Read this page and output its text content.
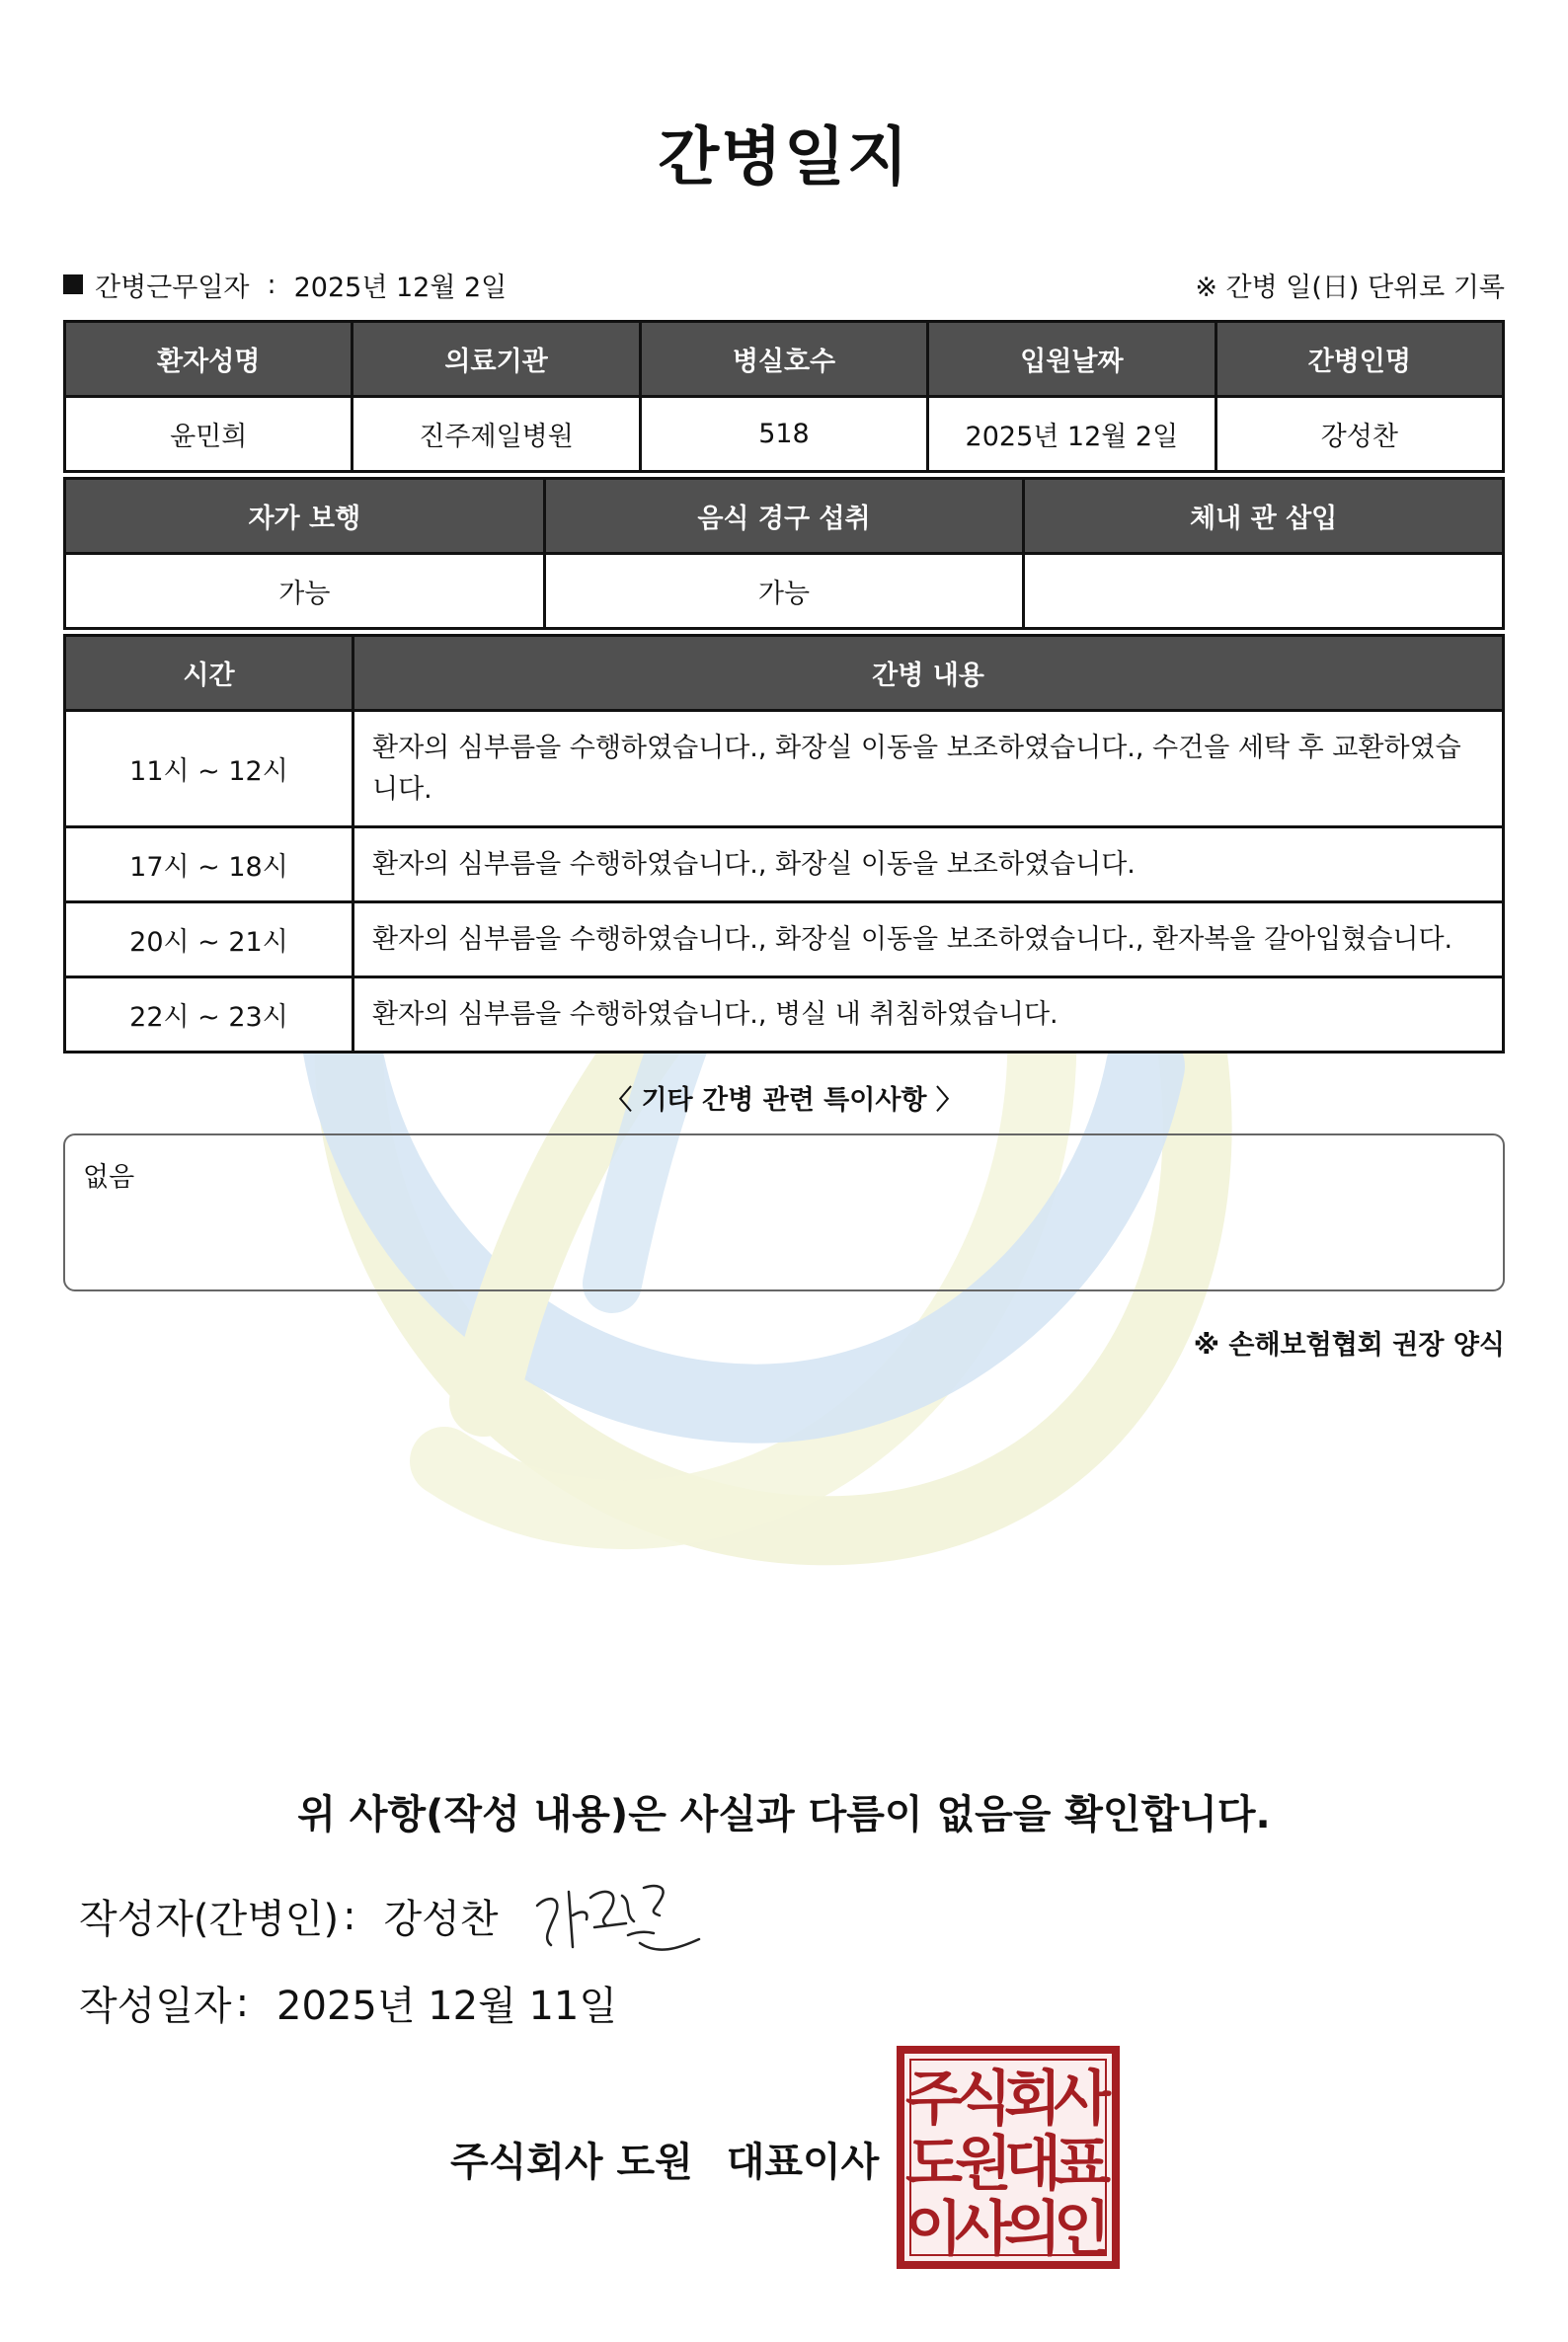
간병일지
간병근무일자 : 2025년 12월 2일	※ 간병 일(日) 단위로 기록
환자성명	의료기관	병실호수	입원날짜	간병인명
윤민희	진주제일병원	518	2025년 12월 2일	강성찬
자가 보행	음식 경구 섭취	체내 관 삽입
가능	가능	
시간	간병 내용
11시 ~ 12시	환자의 심부름을 수행하였습니다., 화장실 이동을 보조하였습니다., 수건을 세탁 후 교환하였습니다.
17시 ~ 18시	환자의 심부름을 수행하였습니다., 화장실 이동을 보조하였습니다.
20시 ~ 21시	환자의 심부름을 수행하였습니다., 화장실 이동을 보조하였습니다., 환자복을 갈아입혔습니다.
22시 ~ 23시	환자의 심부름을 수행하였습니다., 병실 내 취침하였습니다.
〈 기타 간병 관련 특이사항 〉
없음
※ 손해보험협회 권장 양식
위 사항(작성 내용)은 사실과 다름이 없음을 확인합니다.
작성자(간병인) : 강성찬
작성일자 : 2025년 12월 11일
주식회사 도원 대표이사
주
식
회
사
도
원
대
표
이
사
의
인
